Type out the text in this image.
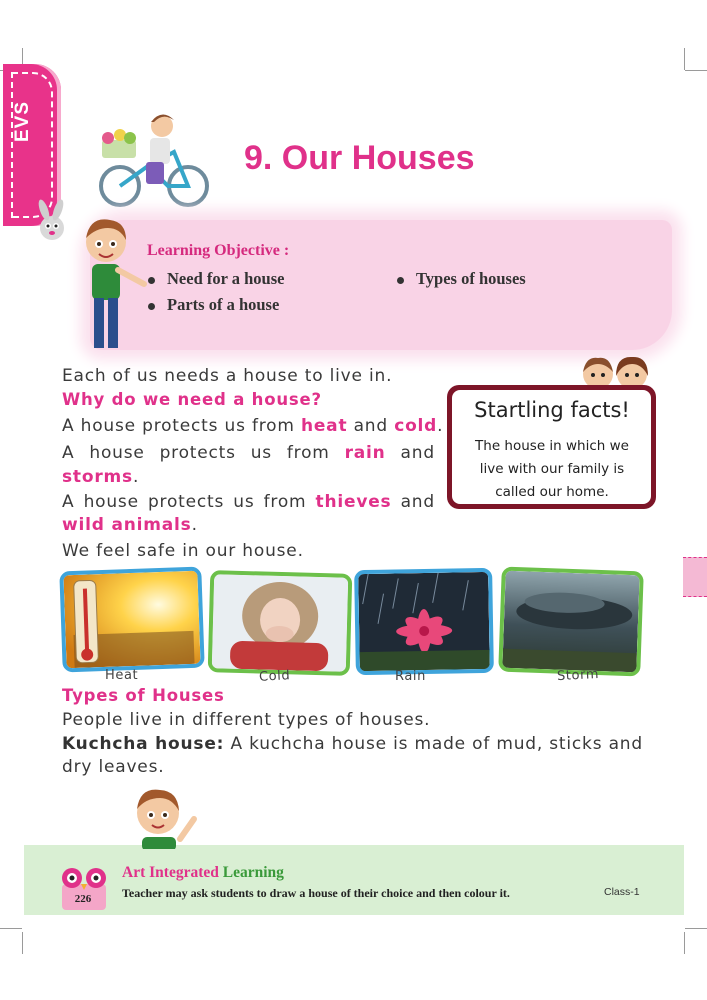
EVS
9. Our Houses
Learning Objective :
Need for a house
Parts of a house
Types of houses
Each of us needs a house to live in.
Why do we need a house?
A house protects us from heat and cold.
A house protects us from rain and
storms.
A house protects us from thieves and
wild animals.
We feel safe in our house.
Startling facts!
The house in which we
live with our family is
called our home.
Heat	Cold	Rain	Storm
Types of Houses
People live in different types of houses.
Kuchcha house: A kuchcha house is made of mud, sticks and
dry leaves.
226
Art Integrated Learning
Teacher may ask students to draw a house of their choice and then colour it.	Class-1
